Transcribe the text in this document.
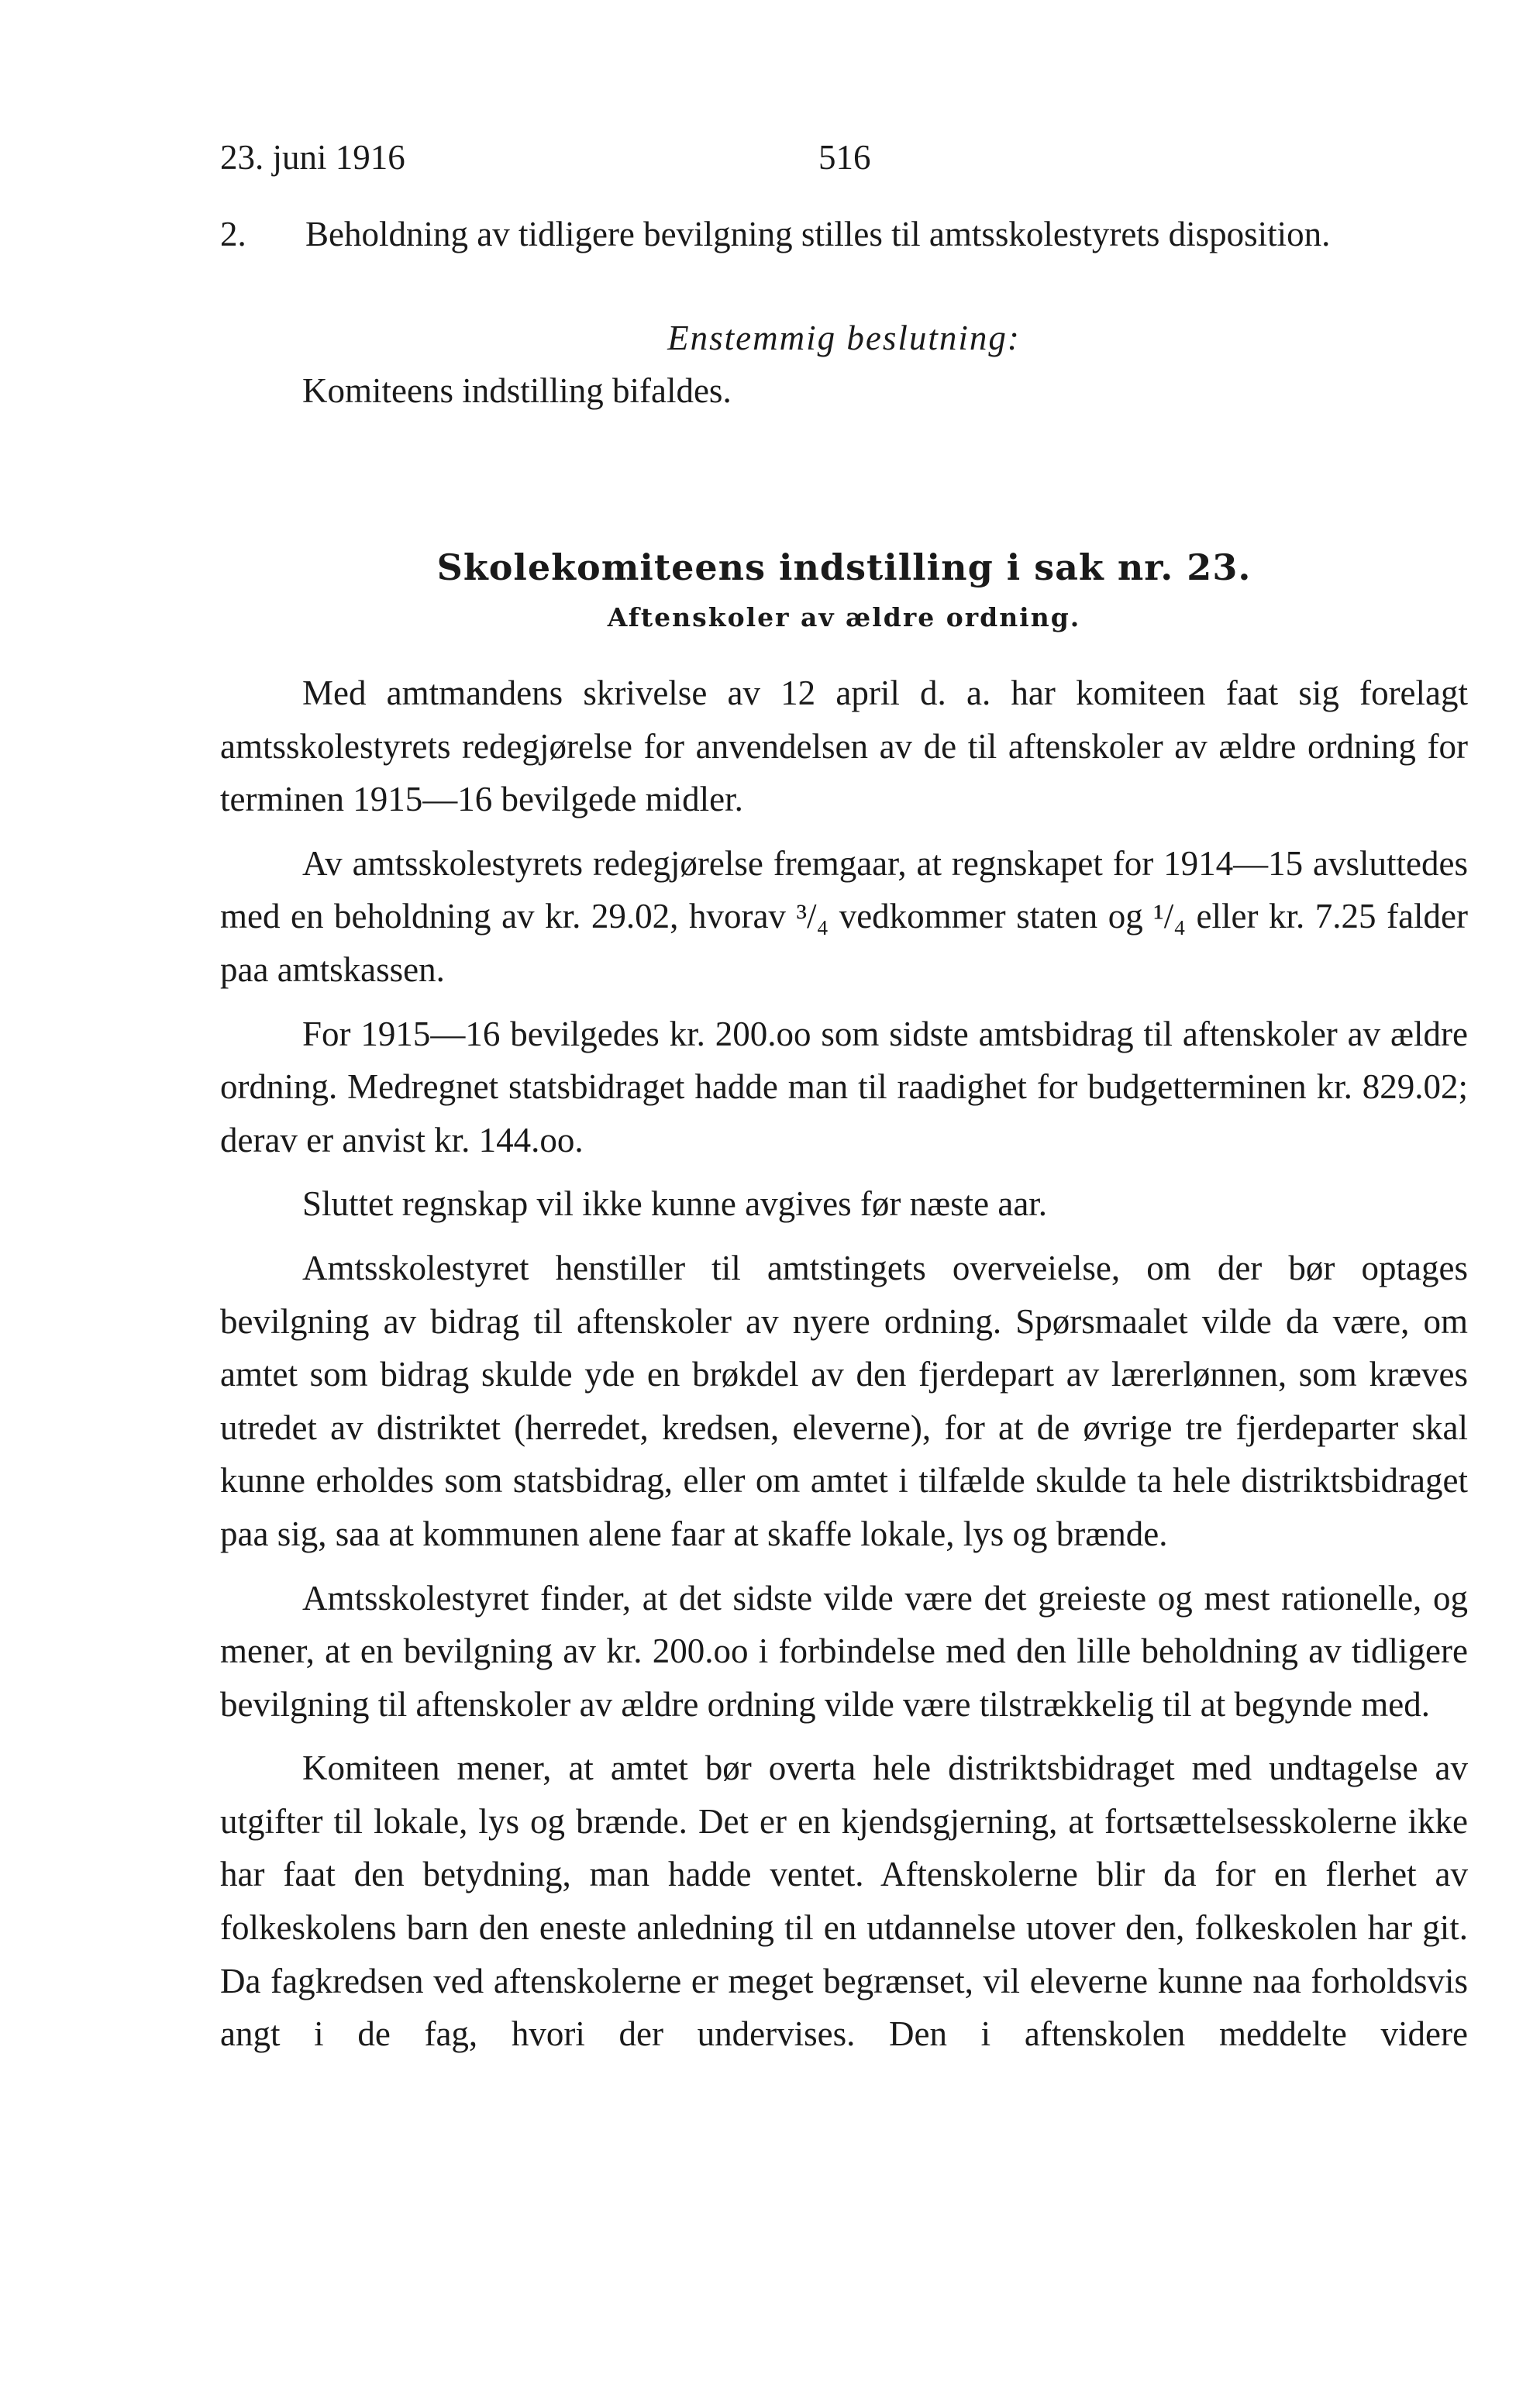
23. juni 1916	516
2. Beholdning av tidligere bevilgning stilles til amtsskolestyrets disposition.
Enstemmig beslutning:
Komiteens indstilling bifaldes.
Skolekomiteens indstilling i sak nr. 23.
Aftenskoler av ældre ordning.

Med amtmandens skrivelse av 12 april d. a. har komiteen faat sig forelagt amtsskolestyrets redegjørelse for anvendelsen av de til aftenskoler av ældre ordning for terminen 1915—16 bevilgede midler.

Av amtsskolestyrets redegjørelse fremgaar, at regnskapet for 1914—15 avsluttedes med en beholdning av kr. 29.02, hvorav ³/₄ vedkommer staten og ¹/₄ eller kr. 7.25 falder paa amtskassen.

For 1915—16 bevilgedes kr. 200.oo som sidste amtsbidrag til aftenskoler av ældre ordning. Medregnet statsbidraget hadde man til raadighet for budgetterminen kr. 829.02; derav er anvist kr. 144.oo.

Sluttet regnskap vil ikke kunne avgives før næste aar.

Amtsskolestyret henstiller til amtstingets overveielse, om der bør optages bevilgning av bidrag til aftenskoler av nyere ordning. Spørsmaalet vilde da være, om amtet som bidrag skulde yde en brøkdel av den fjerdepart av lærerlønnen, som kræves utredet av distriktet (herredet, kredsen, eleverne), for at de øvrige tre fjerdeparter skal kunne erholdes som statsbidrag, eller om amtet i tilfælde skulde ta hele distriktsbidraget paa sig, saa at kommunen alene faar at skaffe lokale, lys og brænde.

Amtsskolestyret finder, at det sidste vilde være det greieste og mest rationelle, og mener, at en bevilgning av kr. 200.oo i forbindelse med den lille beholdning av tidligere bevilgning til aftenskoler av ældre ordning vilde være tilstrækkelig til at begynde med.

Komiteen mener, at amtet bør overta hele distriktsbidraget med undtagelse av utgifter til lokale, lys og brænde. Det er en kjendsgjerning, at fortsættelsesskolerne ikke har faat den betydning, man hadde ventet. Aftenskolerne blir da for en flerhet av folkeskolens barn den eneste anledning til en utdannelse utover den, folkeskolen har git. Da fagkredsen ved aftenskolerne er meget begrænset, vil eleverne kunne naa forholdsvis angt i de fag, hvori der undervises. Den i aftenskolen meddelte videre
